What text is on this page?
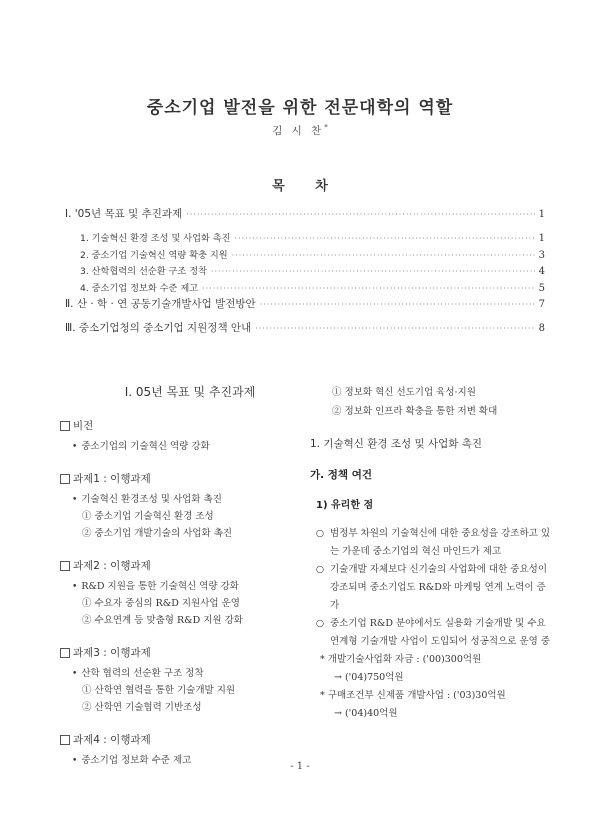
중소기업 발전을 위한 전문대학의 역할
김 시 찬*
목 차
Ⅰ. '05년 목표 및 추진과제 ·····	1
1. 기술혁신 환경 조성 및 사업화 촉진 ·····	1
2. 중소기업 기술혁신 역량 확충 지원 ·····	3
3. 산학협력의 선순환 구조 정착 ·····	4
4. 중소기업 정보화 수준 제고 ·····	5
Ⅱ. 산 · 학 · 연 공동기술개발사업 발전방안 ·····	7
Ⅲ. 중소기업청의 중소기업 지원정책 안내 ·····	8
Ⅰ. 05년 목표 및 추진과제
비전
• 중소기업의 기술혁신 역량 강화
과제1 : 이행과제
• 기술혁신 환경조성 및 사업화 촉진
① 중소기업 기술혁신 환경 조성
② 중소기업 개발기술의 사업화 촉진
과제2 : 이행과제
• R&D 지원을 통한 기술혁신 역량 강화
① 수요자 중심의 R&D 지원사업 운영
② 수요연계 등 맞춤형 R&D 지원 강화
과제3 : 이행과제
• 산학 협력의 선순환 구조 정착
① 산학연 협력을 통한 기술개발 지원
② 산학연 기술협력 기반조성
과제4 : 이행과제
• 중소기업 정보화 수준 제고
① 정보화 혁신 선도기업 육성·지원
② 정보화 인프라 확충을 통한 저변 확대
1. 기술혁신 환경 조성 및 사업화 촉진
가. 정책 여건
1) 유리한 점
○ 범정부 차원의 기술혁신에 대한 중요성을 강조하고 있는 가운데 중소기업의 혁신 마인드가 제고
○ 기술개발 자체보다 신기술의 사업화에 대한 중요성이 강조되며 중소기업도 R&D와 마케팅 연계 노력이 증가
○ 중소기업 R&D 분야에서도 실용화 기술개발 및 수요 연계형 기술개발 사업이 도입되어 성공적으로 운영 중
* 개발기술사업화 자금 : ('00)300억원
→ ('04)750억원
* 구매조건부 신제품 개발사업 : ('03)30억원
→ ('04)40억원
- 1 -
